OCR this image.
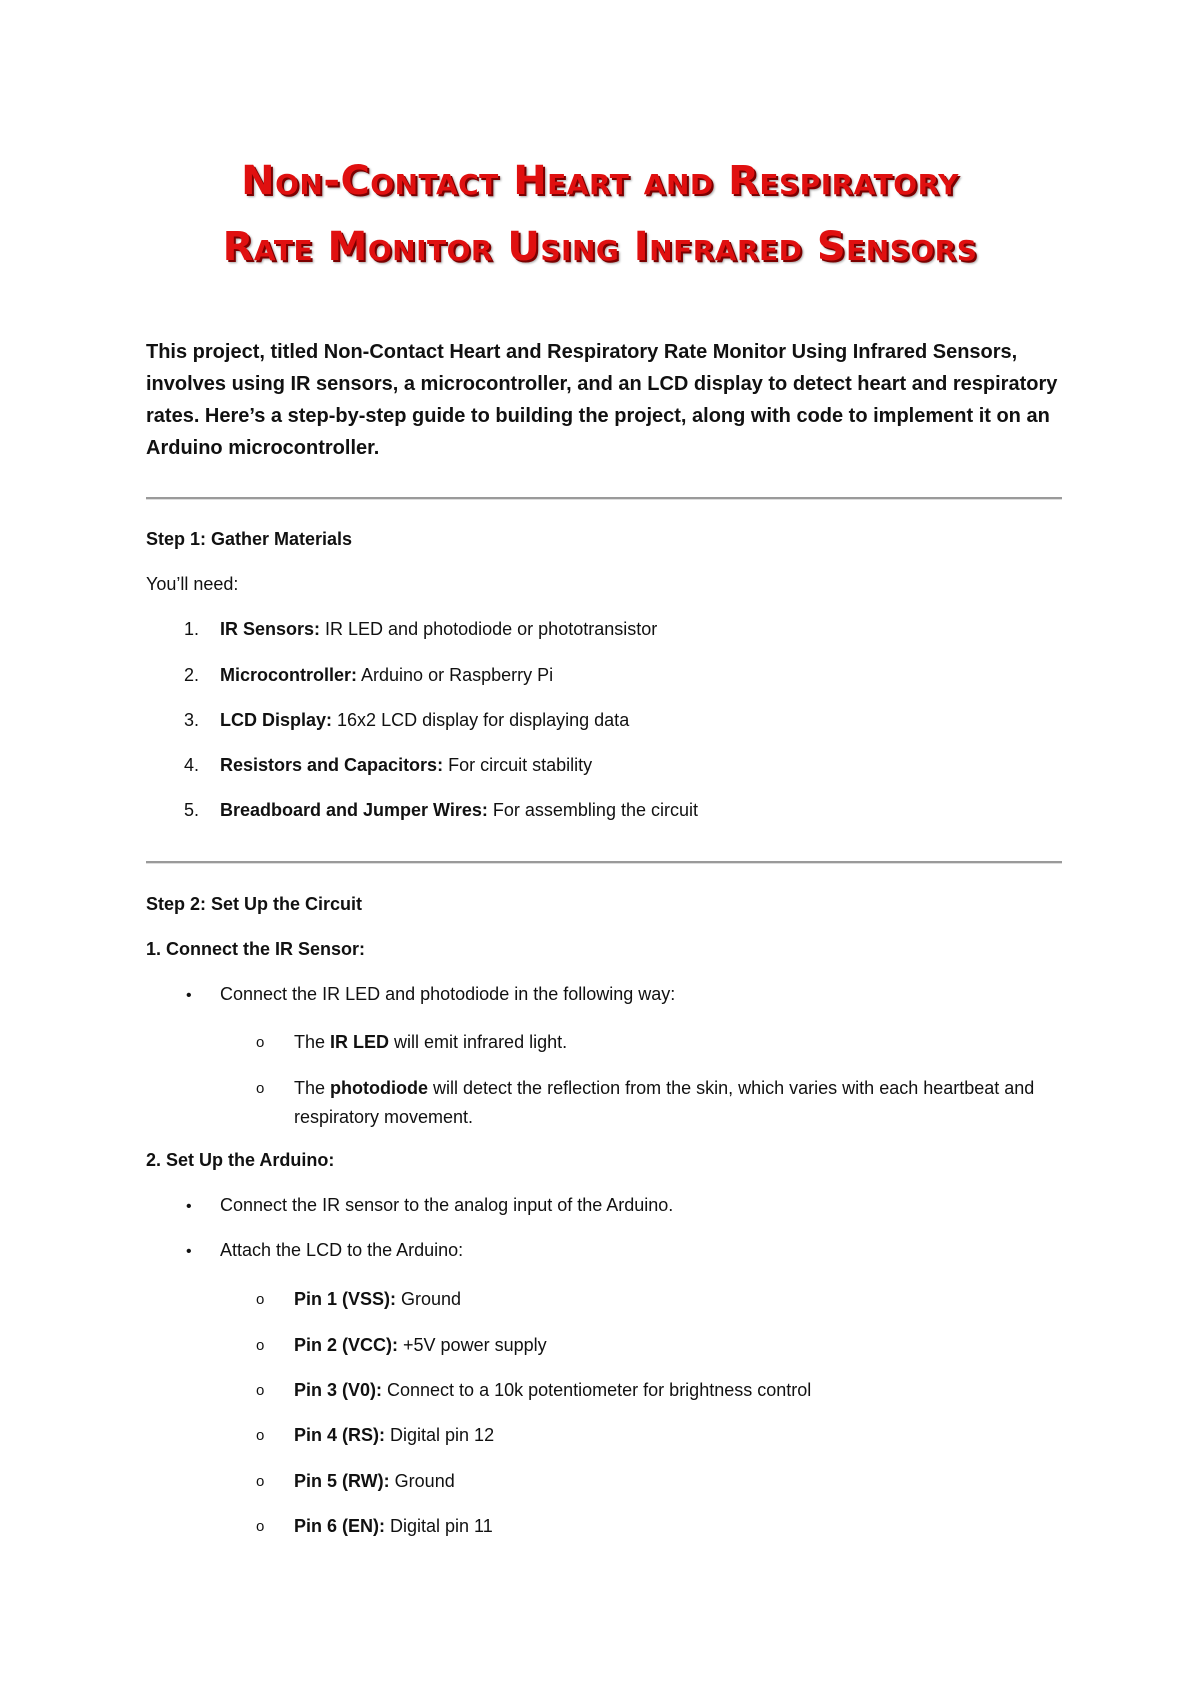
Non-Contact Heart and Respiratory
Rate Monitor Using Infrared Sensors
This project, titled Non-Contact Heart and Respiratory Rate Monitor Using Infrared Sensors, involves using IR sensors, a microcontroller, and an LCD display to detect heart and respiratory rates. Here’s a step-by-step guide to building the project, along with code to implement it on an Arduino microcontroller.
Step 1: Gather Materials
You’ll need:
1. IR Sensors: IR LED and photodiode or phototransistor
2. Microcontroller: Arduino or Raspberry Pi
3. LCD Display: 16x2 LCD display for displaying data
4. Resistors and Capacitors: For circuit stability
5. Breadboard and Jumper Wires: For assembling the circuit
Step 2: Set Up the Circuit
1. Connect the IR Sensor:
• Connect the IR LED and photodiode in the following way:
o The IR LED will emit infrared light.
o The photodiode will detect the reflection from the skin, which varies with each heartbeat and respiratory movement.
2. Set Up the Arduino:
• Connect the IR sensor to the analog input of the Arduino.
• Attach the LCD to the Arduino:
o Pin 1 (VSS): Ground
o Pin 2 (VCC): +5V power supply
o Pin 3 (V0): Connect to a 10k potentiometer for brightness control
o Pin 4 (RS): Digital pin 12
o Pin 5 (RW): Ground
o Pin 6 (EN): Digital pin 11
